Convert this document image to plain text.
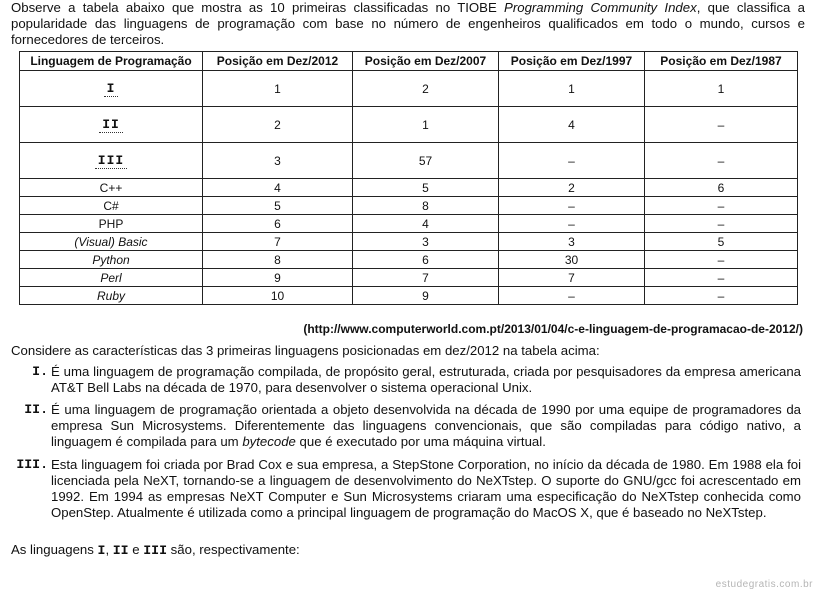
Observe a tabela abaixo que mostra as 10 primeiras classificadas no TIOBE Programming Community Index, que classifica a popularidade das linguagens de programação com base no número de engenheiros qualificados em todo o mundo, cursos e fornecedores de terceiros.
Linguagem de Programação	Posição em Dez/2012	Posição em Dez/2007	Posição em Dez/1997	Posição em Dez/1987
I	1	2	1	1
II	2	1	4	–
III	3	57	–	–
C++	4	5	2	6
C#	5	8	–	–
PHP	6	4	–	–
(Visual) Basic	7	3	3	5
Python	8	6	30	–
Perl	9	7	7	–
Ruby	10	9	–	–
(http://www.computerworld.com.pt/2013/01/04/c-e-linguagem-de-programacao-de-2012/)
Considere as características das 3 primeiras linguagens posicionadas em dez/2012 na tabela acima:
I. É uma linguagem de programação compilada, de propósito geral, estruturada, criada por pesquisadores da empresa americana AT&T Bell Labs na década de 1970, para desenvolver o sistema operacional Unix.
II. É uma linguagem de programação orientada a objeto desenvolvida na década de 1990 por uma equipe de programadores da empresa Sun Microsystems. Diferentemente das linguagens convencionais, que são compiladas para código nativo, a linguagem é compilada para um bytecode que é executado por uma máquina virtual.
III. Esta linguagem foi criada por Brad Cox e sua empresa, a StepStone Corporation, no início da década de 1980. Em 1988 ela foi licenciada pela NeXT, tornando-se a linguagem de desenvolvimento do NeXTstep. O suporte do GNU/gcc foi acrescentado em 1992. Em 1994 as empresas NeXT Computer e Sun Microsystems criaram uma especificação do NeXTstep conhecida como OpenStep. Atualmente é utilizada como a principal linguagem de programação do MacOS X, que é baseado no NeXTstep.
As linguagens I, II e III são, respectivamente:
estudegratis.com.br
